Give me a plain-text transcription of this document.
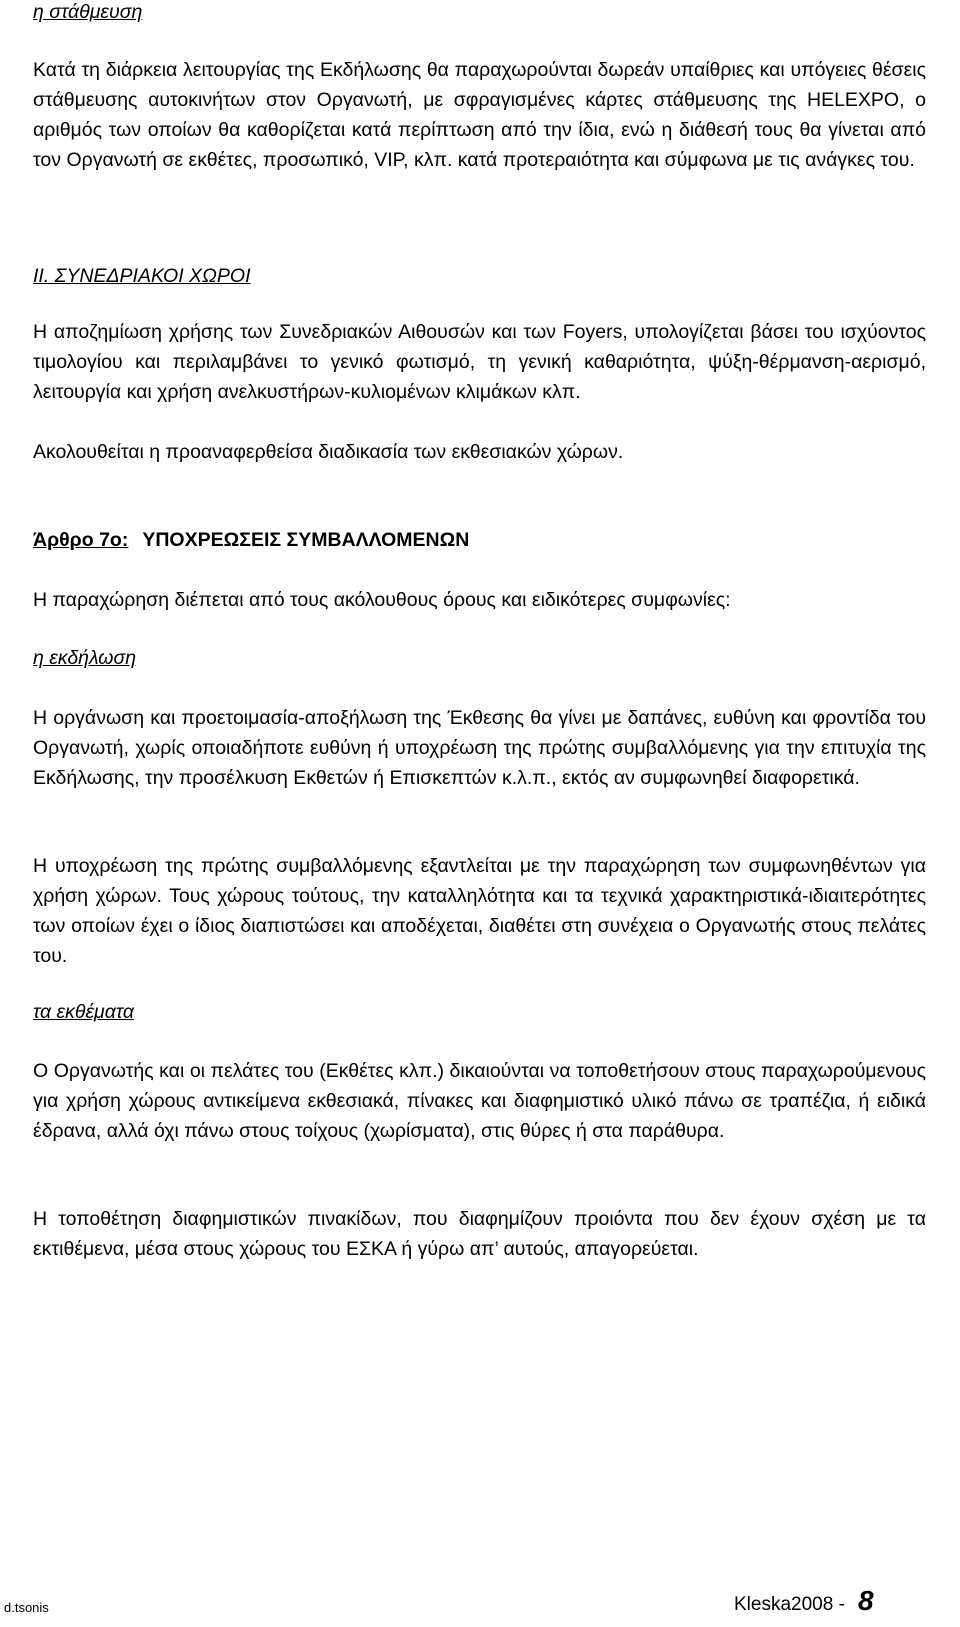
η στάθμευση

Κατά τη διάρκεια λειτουργίας της Εκδήλωσης θα παραχωρούνται δωρεάν υπαίθριες και υπόγειες θέσεις στάθμευσης αυτοκινήτων στον Οργανωτή, με σφραγισμένες κάρτες στάθμευσης της HELEXPO, ο αριθμός των οποίων θα καθορίζεται κατά περίπτωση από την ίδια, ενώ η διάθεσή τους θα γίνεται από τον Οργανωτή σε εκθέτες, προσωπικό, VIP, κλπ. κατά προτεραιότητα και σύμφωνα με τις ανάγκες του.

ΙΙ. ΣΥΝΕΔΡΙΑΚΟΙ ΧΩΡΟΙ

Η αποζημίωση χρήσης των Συνεδριακών Αιθουσών και των Foyers, υπολογίζεται βάσει του ισχύοντος τιμολογίου και περιλαμβάνει το γενικό φωτισμό, τη γενική καθαριότητα, ψύξη-θέρμανση-αερισμό, λειτουργία και χρήση ανελκυστήρων-κυλιομένων κλιμάκων κλπ.

Ακολουθείται η προαναφερθείσα διαδικασία των εκθεσιακών χώρων.

Άρθρο 7ο: ΥΠΟΧΡΕΩΣΕΙΣ ΣΥΜΒΑΛΛΟΜΕΝΩΝ

Η παραχώρηση διέπεται από τους ακόλουθους όρους και ειδικότερες συμφωνίες:

η εκδήλωση

Η οργάνωση και προετοιμασία-αποξήλωση της Έκθεσης θα γίνει με δαπάνες, ευθύνη και φροντίδα του Οργανωτή, χωρίς οποιαδήποτε ευθύνη ή υποχρέωση της πρώτης συμβαλλόμενης για την επιτυχία της Εκδήλωσης, την προσέλκυση Εκθετών ή Επισκεπτών κ.λ.π., εκτός αν συμφωνηθεί διαφορετικά.

Η υποχρέωση της πρώτης συμβαλλόμενης εξαντλείται με την παραχώρηση των συμφωνηθέντων για χρήση χώρων. Τους χώρους τούτους, την καταλληλότητα και τα τεχνικά χαρακτηριστικά-ιδιαιτερότητες των οποίων έχει ο ίδιος διαπιστώσει και αποδέχεται, διαθέτει στη συνέχεια ο Οργανωτής στους πελάτες του.

τα εκθέματα

Ο Οργανωτής και οι πελάτες του (Εκθέτες κλπ.) δικαιούνται να τοποθετήσουν στους παραχωρούμενους για χρήση χώρους αντικείμενα εκθεσιακά, πίνακες και διαφημιστικό υλικό πάνω σε τραπέζια, ή ειδικά έδρανα, αλλά όχι πάνω στους τοίχους (χωρίσματα), στις θύρες ή στα παράθυρα.

Η τοποθέτηση διαφημιστικών πινακίδων, που διαφημίζουν προιόντα που δεν έχουν σχέση με τα εκτιθέμενα, μέσα στους χώρους του ΕΣΚΑ ή γύρω απ’ αυτούς, απαγορεύεται.

d.tsonis	Kleska2008 - 8
